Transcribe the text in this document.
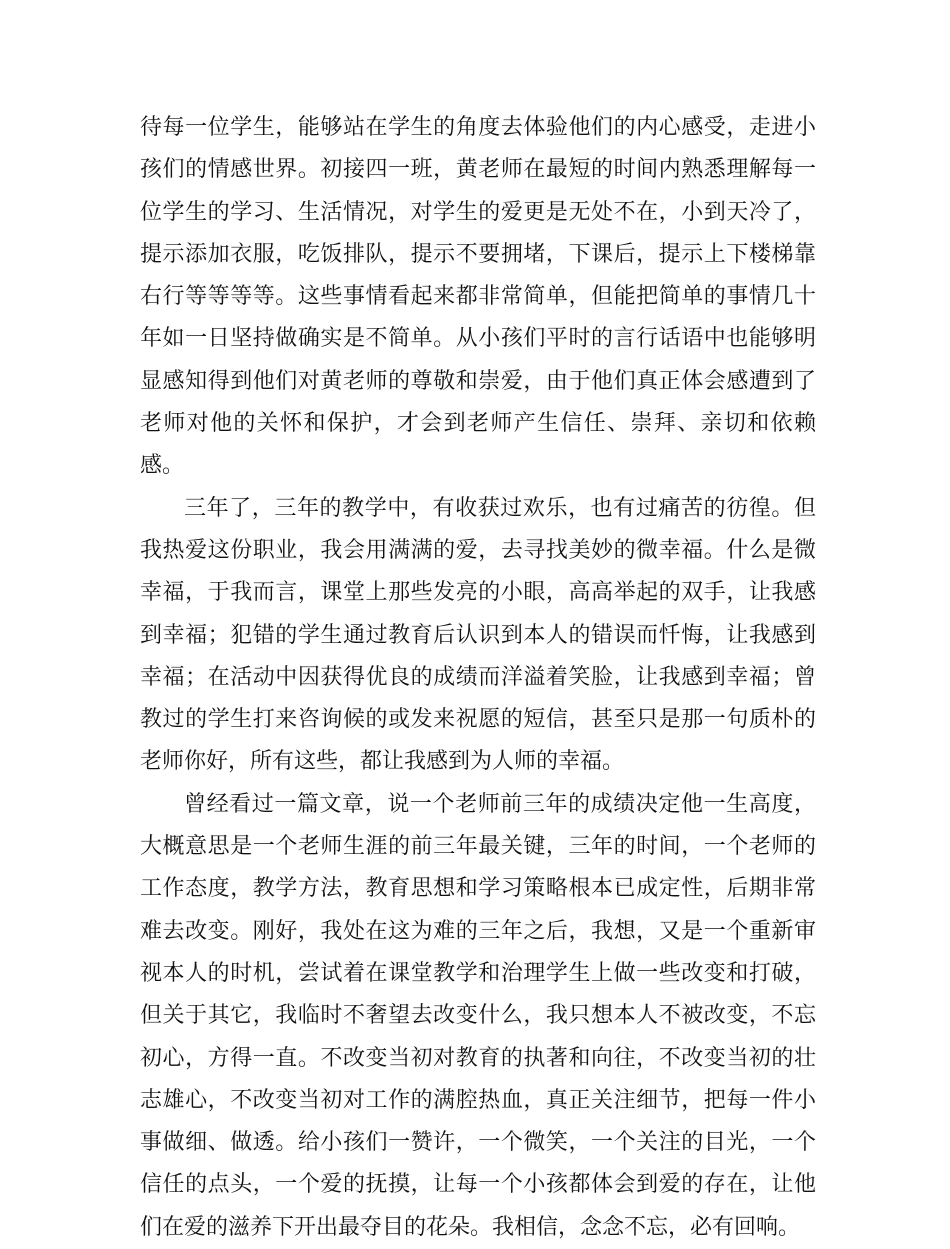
待每一位学生，能够站在学生的角度去体验他们的内心感受，走进小孩们的情感世界。初接四一班，黄老师在最短的时间内熟悉理解每一位学生的学习、生活情况，对学生的爱更是无处不在，小到天冷了，提示添加衣服，吃饭排队，提示不要拥堵，下课后，提示上下楼梯靠右行等等等等。这些事情看起来都非常简单，但能把简单的事情几十年如一日坚持做确实是不简单。从小孩们平时的言行话语中也能够明显感知得到他们对黄老师的尊敬和崇爱，由于他们真正体会感遭到了老师对他的关怀和保护，才会到老师产生信任、崇拜、亲切和依赖感。

三年了，三年的教学中，有收获过欢乐，也有过痛苦的彷徨。但我热爱这份职业，我会用满满的爱，去寻找美妙的微幸福。什么是微幸福，于我而言，课堂上那些发亮的小眼，高高举起的双手，让我感到幸福；犯错的学生通过教育后认识到本人的错误而忏悔，让我感到幸福；在活动中因获得优良的成绩而洋溢着笑脸，让我感到幸福；曾教过的学生打来咨询候的或发来祝愿的短信，甚至只是那一句质朴的老师你好，所有这些，都让我感到为人师的幸福。

曾经看过一篇文章，说一个老师前三年的成绩决定他一生高度，大概意思是一个老师生涯的前三年最关键，三年的时间，一个老师的工作态度，教学方法，教育思想和学习策略根本已成定性，后期非常难去改变。刚好，我处在这为难的三年之后，我想，又是一个重新审视本人的时机，尝试着在课堂教学和治理学生上做一些改变和打破，但关于其它，我临时不奢望去改变什么，我只想本人不被改变，不忘初心，方得一直。不改变当初对教育的执著和向往，不改变当初的壮志雄心，不改变当初对工作的满腔热血，真正关注细节，把每一件小事做细、做透。给小孩们一赞许，一个微笑，一个关注的目光，一个信任的点头，一个爱的抚摸，让每一个小孩都体会到爱的存在，让他们在爱的滋养下开出最夺目的花朵。我相信，念念不忘，必有回响。
